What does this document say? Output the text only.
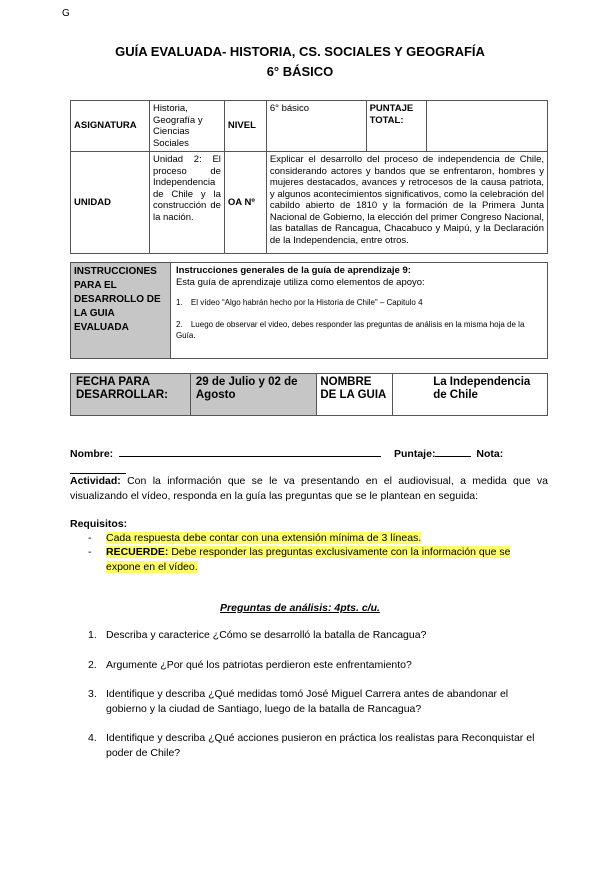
G
GUÍA EVALUADA- HISTORIA, CS. SOCIALES Y GEOGRAFÍA
6° BÁSICO
ASIGNATURA	Historia, Geografía y Ciencias Sociales	NIVEL	6° básico	PUNTAJE TOTAL:	
UNIDAD	Unidad 2: El proceso de Independencia de Chile y la construcción de la nación.	OA Nº	Explicar el desarrollo del proceso de independencia de Chile, considerando actores y bandos que se enfrentaron, hombres y mujeres destacados, avances y retrocesos de la causa patriota, y algunos acontecimientos significativos, como la celebración del cabildo abierto de 1810 y la formación de la Primera Junta Nacional de Gobierno, la elección del primer Congreso Nacional, las batallas de Rancagua, Chacabuco y Maipú, y la Declaración de la Independencia, entre otros.		
INSTRUCCIONES PARA EL DESARROLLO DE LA GUIA EVALUADA	
Instrucciones generales de la guía de aprendizaje 9:
Esta guía de aprendizaje utiliza como elementos de apoyo:
1. El vídeo “Algo habrán hecho por la Historia de Chile” – Capitulo 4
2. Luego de observar el video, debes responder las preguntas de análisis en la misma hoja de la Guía.
FECHA PARA DESARROLLAR:	29 de Julio y 02 de Agosto	NOMBRE DE LA GUIA	La Independencia de Chile
Nombre:	Puntaje:	Nota:
Actividad: Con la información que se le va presentando en el audiovisual, a medida que va visualizando el vídeo, responda en la guía las preguntas que se le plantean en seguida:
Requisitos:
- Cada respuesta debe contar con una extensión mínima de 3 líneas.
- RECUERDE: Debe responder las preguntas exclusivamente con la información que se expone en el vídeo.
Preguntas de análisis: 4pts. c/u.
1. Describa y caracterice ¿Cómo se desarrolló la batalla de Rancagua?
2. Argumente ¿Por qué los patriotas perdieron este enfrentamiento?
3. Identifique y describa ¿Qué medidas tomó José Miguel Carrera antes de abandonar el gobierno y la ciudad de Santiago, luego de la batalla de Rancagua?
4. Identifique y describa ¿Qué acciones pusieron en práctica los realistas para Reconquistar el poder de Chile?
